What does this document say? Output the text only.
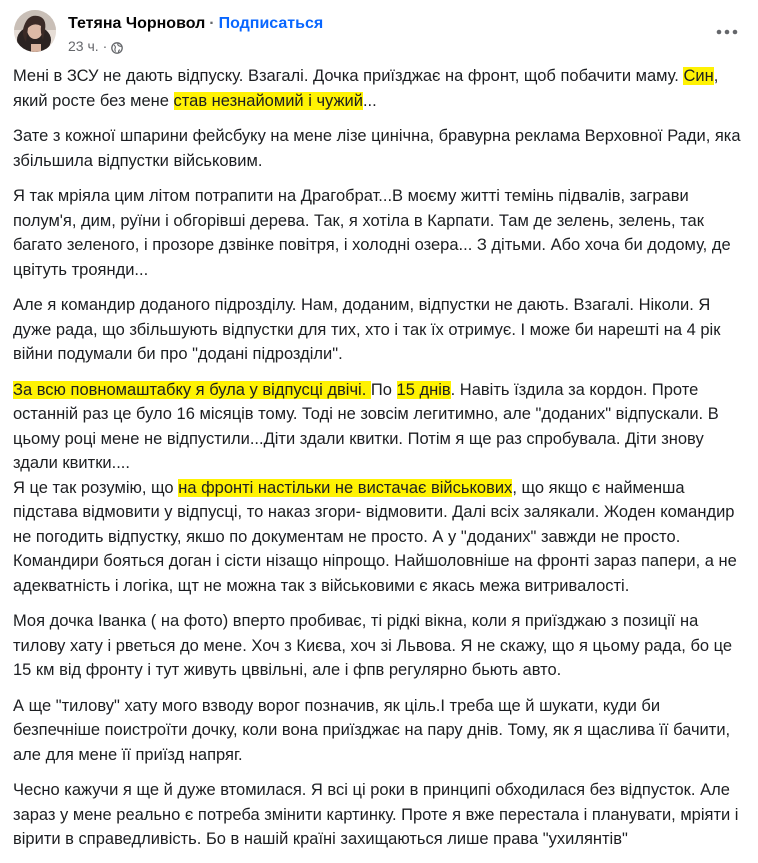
Тетяна Чорновол · Подписаться
23 ч. ·

Мені в ЗСУ не дають відпуску. Взагалі. Дочка приїзджає на фронт, щоб побачити маму. Син, який росте без мене став незнайомий і чужий...

Зате з кожної шпарини фейсбуку на мене лізе цинічна, бравурна реклама Верховної Ради, яка збільшила відпустки військовим.

Я так мріяла цим літом потрапити на Драгобрат...В моєму житті темінь підвалів, заграви полум'я, дим, руїни і обгорівші дерева. Так, я хотіла в Карпати. Там де зелень, зелень, так багато зеленого, і прозоре дзвінке повітря, і холодні озера... З дітьми. Або хоча би додому, де цвітуть троянди...

Але я командир доданого підрозділу. Нам, доданим, відпустки не дають. Взагалі. Ніколи. Я дуже рада, що збільшують відпустки для тих, хто і так їх отримує. І може би нарешті на 4 рік війни подумали би про "додані підрозділи".

За всю повномаштабку я була у відпусці двічі. По 15 днів. Навіть їздила за кордон. Проте останній раз це було 16 місяців тому. Тоді не зовсім легитимно, але "доданих" відпускали. В цьому році мене не відпустили...Діти здали квитки. Потім я ще раз спробувала. Діти знову здали квитки....
Я це так розумію, що на фронті настільки не вистачає військових, що якщо є найменша підстава відмовити у відпусці, то наказ згори- відмовити. Далі всіх залякали. Жоден командир не погодить відпустку, якшо по документам не просто. А у "доданих" завжди не просто. Командири бояться доган і сісти нізащо ніпрощо. Найшоловніше на фронті зараз папери, а не адекватність і логіка, щт не можна так з військовими є якась межа витривалості.

Моя дочка Іванка ( на фото) вперто пробиває, ті рідкі вікна, коли я приїзджаю з позиції на тилову хату і рветься до мене. Хоч з Києва, хоч зі Львова. Я не скажу, що я цьому рада, бо це 15 км від фронту і тут живуть цввільні, але і фпв регулярно бьють авто.

А ще "тилову" хату мого взводу ворог позначив, як ціль.І треба ще й шукати, куди би безпечніше поистроїти дочку, коли вона приїзджає на пару днів. Тому, як я щаслива її бачити, але для мене її приїзд напряг.

Чесно кажучи я ще й дуже втомилася. Я всі ці роки в принципі обходилася без відпусток. Але зараз у мене реально є потреба змінити картинку. Проте я вже перестала і планувати, мріяти і вірити в справедливість. Бо в нашій країні захищаються лише права "ухилянтів"
